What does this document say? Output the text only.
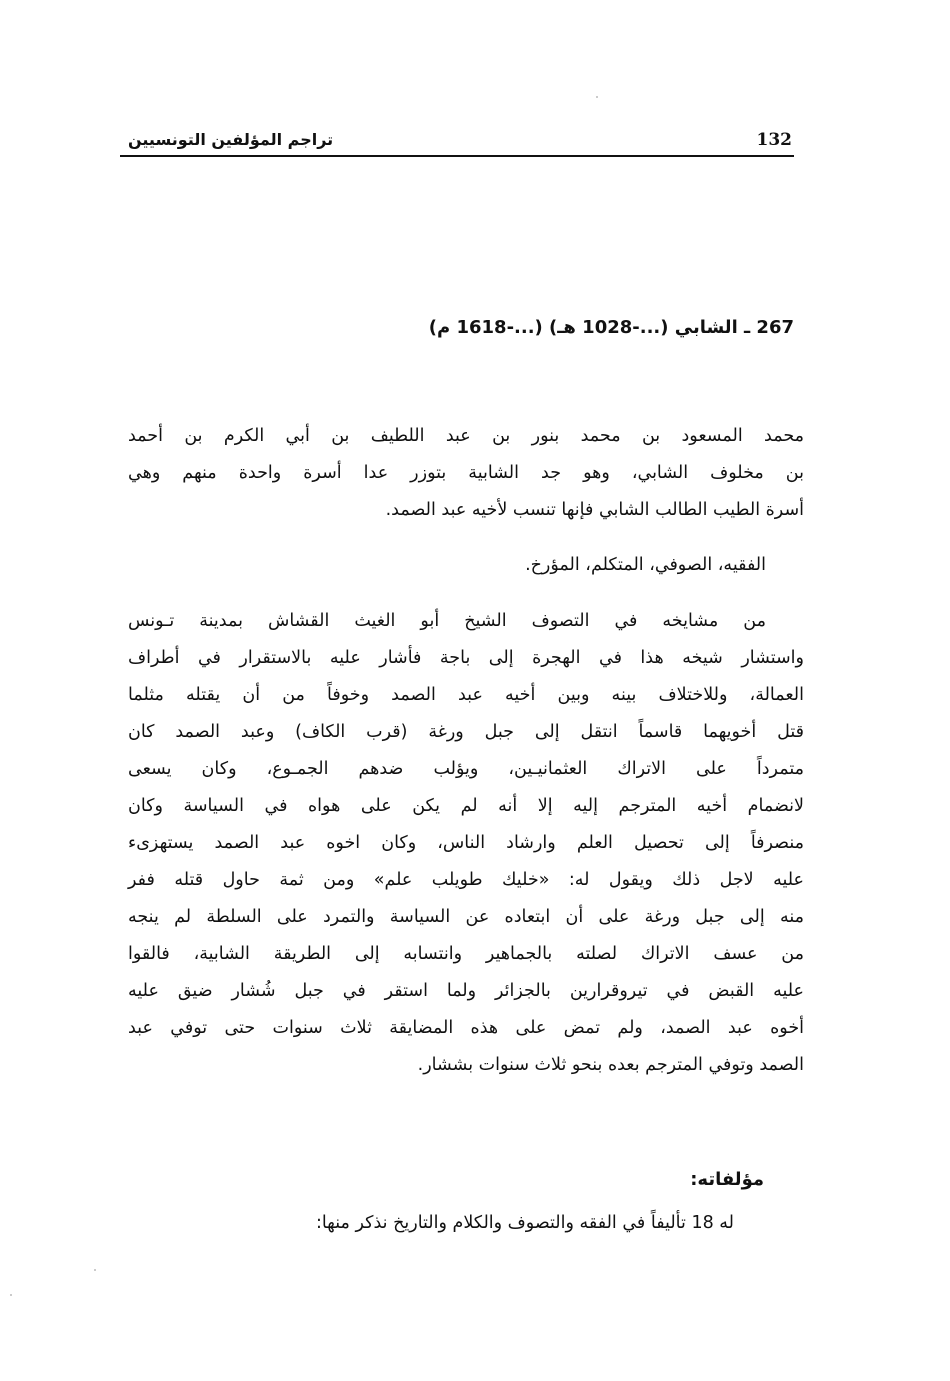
132
تراجم المؤلفين التونسيين
267 ـ الشابي (...-1028 هـ) (...-1618 م)
محمد المسعود بن محمد بنور بن عبد اللطيف بن أبي الكرم بن أحمد
بن مخلوف الشابي، وهو جد الشابية بتوزر عدا أسرة واحدة منهم وهي
أسرة الطيب الطالب الشابي فإنها تنسب لأخيه عبد الصمد.
الفقيه، الصوفي، المتكلم، المؤرخ.
من مشايخه في التصوف الشيخ أبو الغيث القشاش بمدينة تـونس
واستشار شيخه هذا في الهجرة إلى باجة فأشار عليه بالاستقرار في أطراف
العمالة، وللاختلاف بينه وبين أخيه عبد الصمد وخوفاً من أن يقتله مثلما
قتل أخويهما قاسماً انتقل إلى جبل ورغة (قرب الكاف) وعبد الصمد كان
متمرداً على الاتراك العثمانيـين، ويؤلب ضدهم الجمـوع، وكان يسعى
لانضمام أخيه المترجم إليه إلا أنه لم يكن على هواه في السياسة وكان
منصرفاً إلى تحصيل العلم وارشاد الناس، وكان اخوه عبد الصمد يستهزىء
عليه لاجل ذلك ويقول له: «خليك طويلب علم» ومن ثمة حاول قتله ففر
منه إلى جبل ورغة على أن ابتعاده عن السياسة والتمرد على السلطة لم ينجه
من عسف الاتراك لصلته بالجماهير وانتسابه إلى الطريقة الشابية، فالقوا
عليه القبض في تيروقرارين بالجزائر ولما استقر في جبل شُشار ضيق عليه
أخوه عبد الصمد، ولم تمض على هذه المضايقة ثلاث سنوات حتى توفي عبد
الصمد وتوفي المترجم بعده بنحو ثلاث سنوات بششار.
مؤلفاته:
له 18 تأليفاً في الفقه والتصوف والكلام والتاريخ نذكر منها:
